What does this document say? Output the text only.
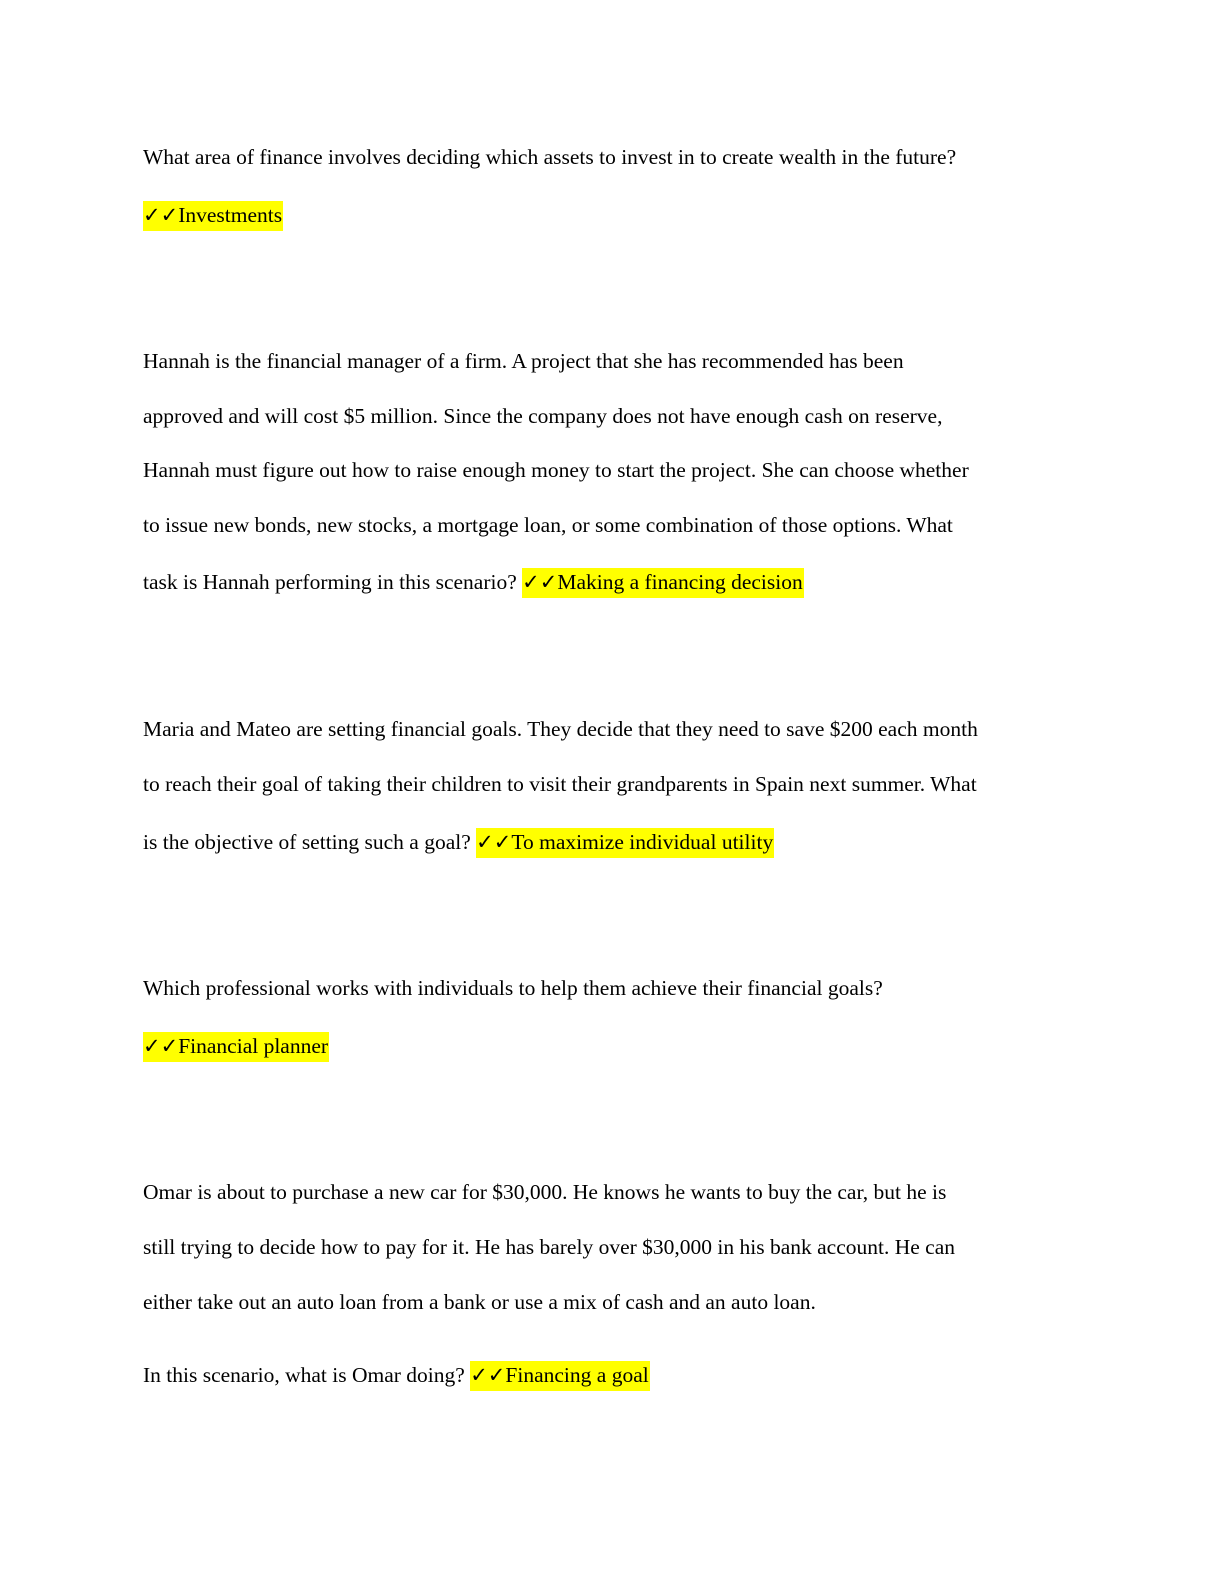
What area of finance involves deciding which assets to invest in to create wealth in the future?
✓✓Investments
Hannah is the financial manager of a firm. A project that she has recommended has been
approved and will cost $5 million. Since the company does not have enough cash on reserve,
Hannah must figure out how to raise enough money to start the project. She can choose whether
to issue new bonds, new stocks, a mortgage loan, or some combination of those options. What
task is Hannah performing in this scenario? ✓✓Making a financing decision
Maria and Mateo are setting financial goals. They decide that they need to save $200 each month
to reach their goal of taking their children to visit their grandparents in Spain next summer. What
is the objective of setting such a goal? ✓✓To maximize individual utility
Which professional works with individuals to help them achieve their financial goals?
✓✓Financial planner
Omar is about to purchase a new car for $30,000. He knows he wants to buy the car, but he is
still trying to decide how to pay for it. He has barely over $30,000 in his bank account. He can
either take out an auto loan from a bank or use a mix of cash and an auto loan.
In this scenario, what is Omar doing? ✓✓Financing a goal
